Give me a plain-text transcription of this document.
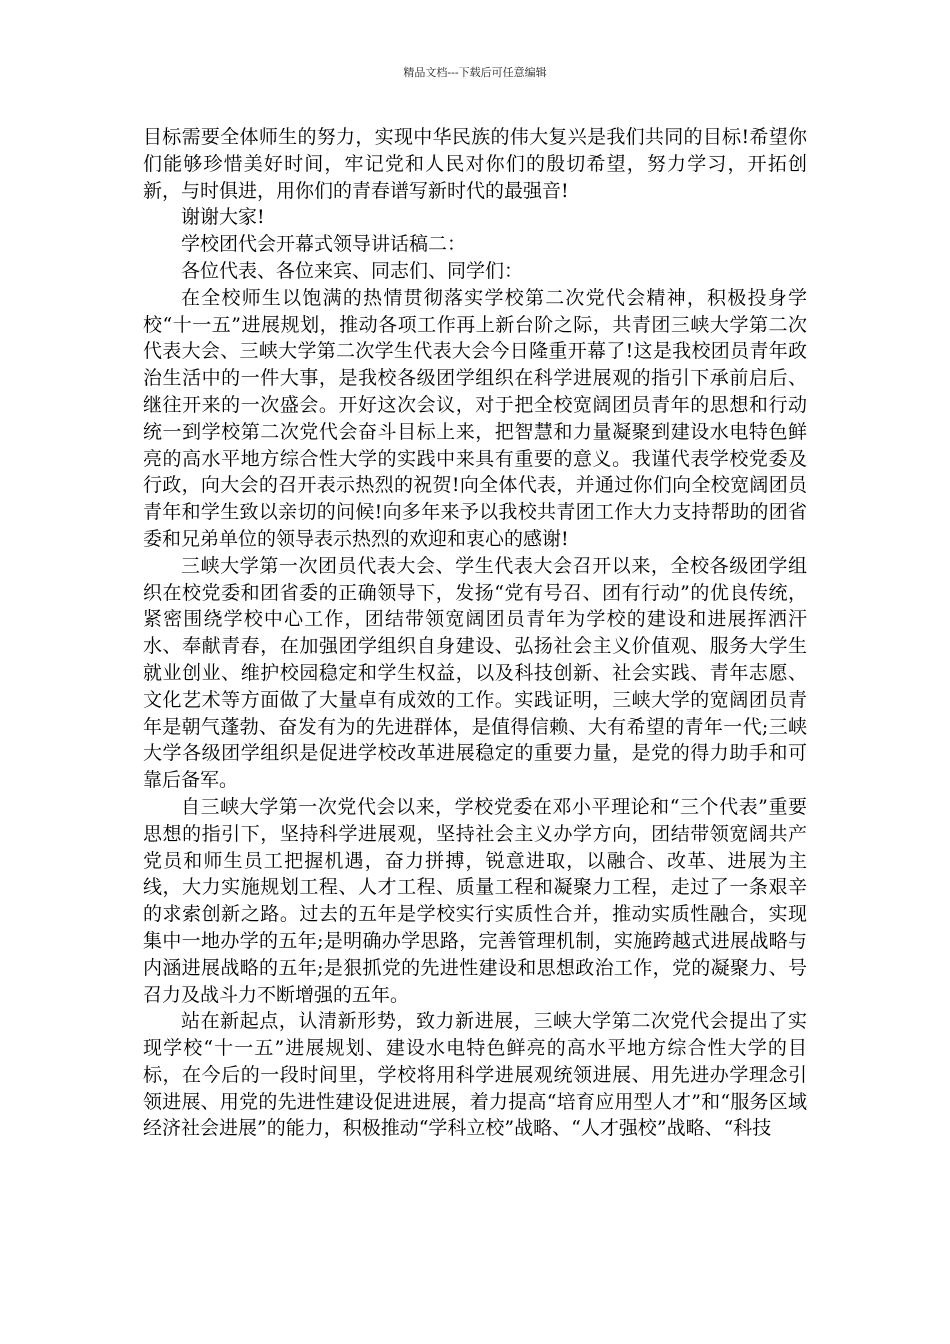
精品文档---下载后可任意编辑

目标需要全体师生的努力，实现中华民族的伟大复兴是我们共同的目标!希望你们能够珍惜美好时间，牢记党和人民对你们的殷切希望，努力学习，开拓创新，与时俱进，用你们的青春谱写新时代的最强音!

谢谢大家!

学校团代会开幕式领导讲话稿二：

各位代表、各位来宾、同志们、同学们：

在全校师生以饱满的热情贯彻落实学校第二次党代会精神，积极投身学校“十一五”进展规划，推动各项工作再上新台阶之际，共青团三峡大学第二次代表大会、三峡大学第二次学生代表大会今日隆重开幕了!这是我校团员青年政治生活中的一件大事，是我校各级团学组织在科学进展观的指引下承前启后、继往开来的一次盛会。开好这次会议，对于把全校宽阔团员青年的思想和行动统一到学校第二次党代会奋斗目标上来，把智慧和力量凝聚到建设水电特色鲜亮的高水平地方综合性大学的实践中来具有重要的意义。我谨代表学校党委及行政，向大会的召开表示热烈的祝贺!向全体代表，并通过你们向全校宽阔团员青年和学生致以亲切的问候!向多年来予以我校共青团工作大力支持帮助的团省委和兄弟单位的领导表示热烈的欢迎和衷心的感谢!

三峡大学第一次团员代表大会、学生代表大会召开以来，全校各级团学组织在校党委和团省委的正确领导下，发扬“党有号召、团有行动”的优良传统，紧密围绕学校中心工作，团结带领宽阔团员青年为学校的建设和进展挥洒汗水、奉献青春，在加强团学组织自身建设、弘扬社会主义价值观、服务大学生就业创业、维护校园稳定和学生权益，以及科技创新、社会实践、青年志愿、文化艺术等方面做了大量卓有成效的工作。实践证明，三峡大学的宽阔团员青年是朝气蓬勃、奋发有为的先进群体，是值得信赖、大有希望的青年一代;三峡大学各级团学组织是促进学校改革进展稳定的重要力量，是党的得力助手和可靠后备军。

自三峡大学第一次党代会以来，学校党委在邓小平理论和“三个代表”重要思想的指引下，坚持科学进展观，坚持社会主义办学方向，团结带领宽阔共产党员和师生员工把握机遇，奋力拼搏，锐意进取，以融合、改革、进展为主线，大力实施规划工程、人才工程、质量工程和凝聚力工程，走过了一条艰辛的求索创新之路。过去的五年是学校实行实质性合并，推动实质性融合，实现集中一地办学的五年;是明确办学思路，完善管理机制，实施跨越式进展战略与内涵进展战略的五年;是狠抓党的先进性建设和思想政治工作，党的凝聚力、号召力及战斗力不断增强的五年。

站在新起点，认清新形势，致力新进展，三峡大学第二次党代会提出了实现学校“十一五”进展规划、建设水电特色鲜亮的高水平地方综合性大学的目标，在今后的一段时间里，学校将用科学进展观统领进展、用先进办学理念引领进展、用党的先进性建设促进进展，着力提高“培育应用型人才”和“服务区域经济社会进展”的能力，积极推动“学科立校”战略、“人才强校”战略、“科技
